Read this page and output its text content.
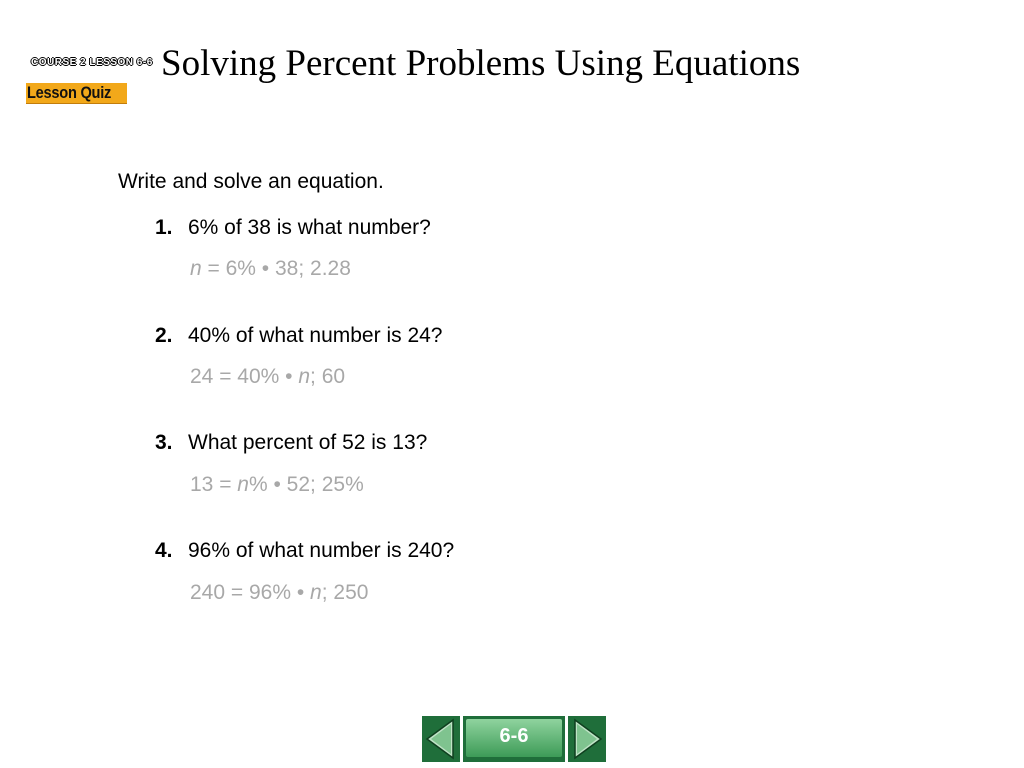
COURSE 2 LESSON 6-6
Lesson Quiz
Solving Percent Problems Using Equations
Write and solve an equation.
1. 6% of 38 is what number?
n = 6% • 38; 2.28
2. 40% of what number is 24?
24 = 40% • n; 60
3. What percent of 52 is 13?
13 = n% • 52; 25%
4. 96% of what number is 240?
240 = 96% • n; 250
6-6
